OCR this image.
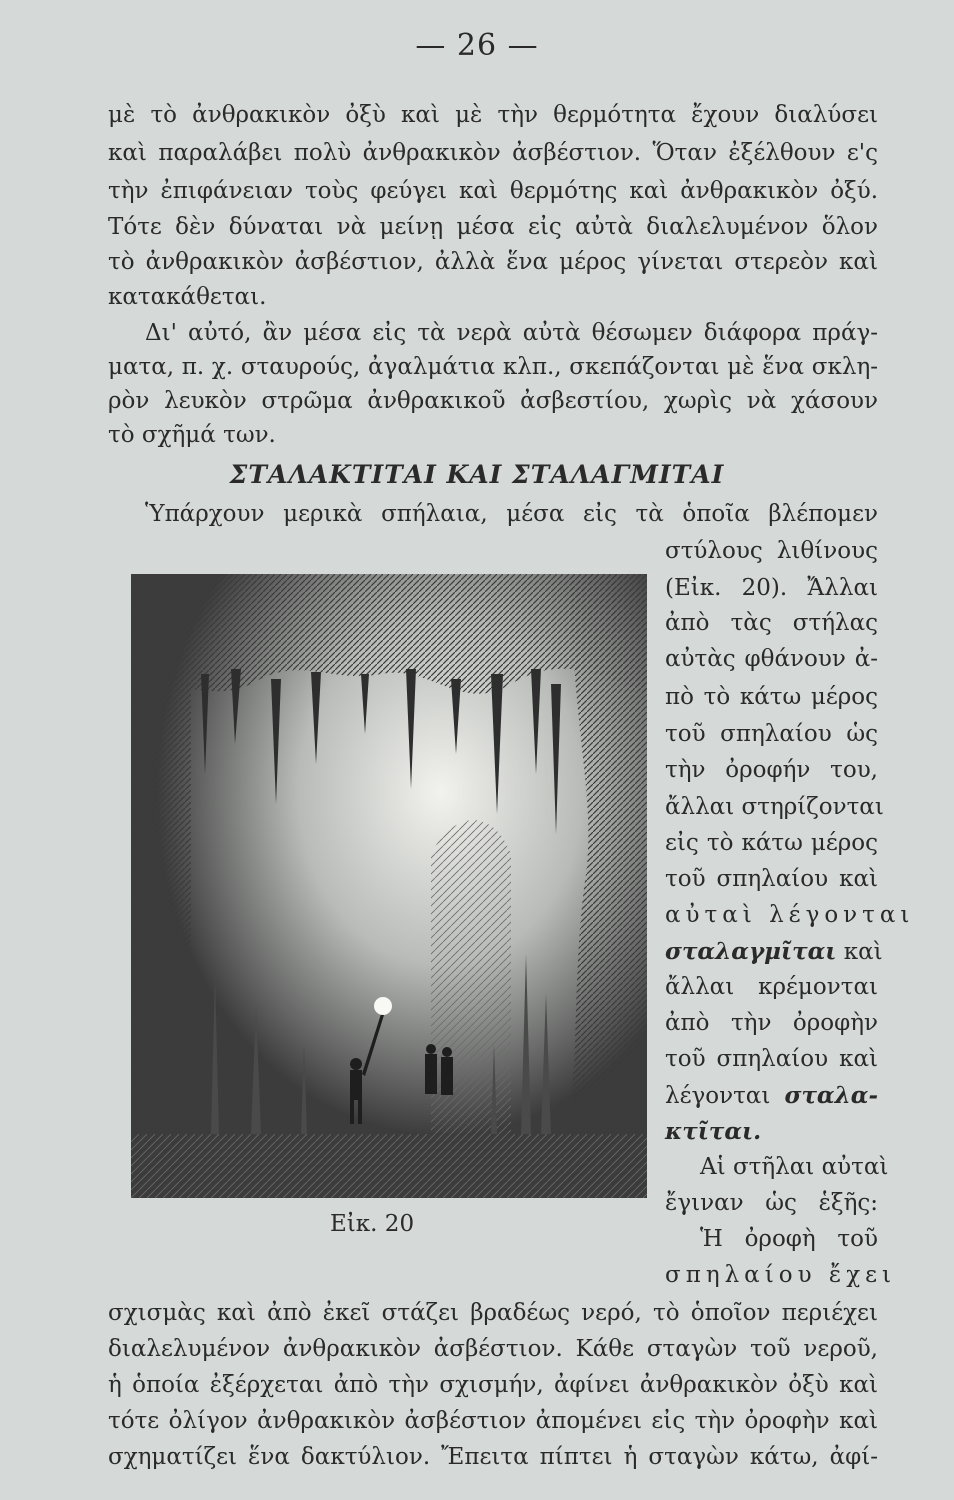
— 26 —
μὲ τὸ ἀνθρακικὸν ὀξὺ καὶ μὲ τὴν θερμότητα ἔχουν διαλύσει
καὶ παραλάβει πολὺ ἀνθρακικὸν ἀσβέστιον. Ὅταν ἐξέλθουν ε'ς
τὴν ἐπιφάνειαν τοὺς φεύγει καὶ θερμότης καὶ ἀνθρακικὸν ὀξύ.
Τότε δὲν δύναται νὰ μείνῃ μέσα εἰς αὐτὰ διαλελυμένον ὅλον
τὸ ἀνθρακικὸν ἀσβέστιον, ἀλλὰ ἕνα μέρος γίνεται στερεὸν καὶ
κατακάθεται.
Δι' αὐτό, ἂν μέσα εἰς τὰ νερὰ αὐτὰ θέσωμεν διάφορα πράγ-
ματα, π. χ. σταυρούς, ἀγαλμάτια κλπ., σκεπάζονται μὲ ἕνα σκλη-
ρὸν λευκὸν στρῶμα ἀνθρακικοῦ ἀσβεστίου, χωρὶς νὰ χάσουν
τὸ σχῆμά των.
ΣΤΑΛΑΚΤΙΤΑΙ ΚΑΙ ΣΤΑΛΑΓΜΙΤΑΙ
Ὑπάρχουν μερικὰ σπήλαια, μέσα εἰς τὰ ὁποῖα βλέπομεν
στύλους λιθίνους
(Εἰκ. 20). Ἄλλαι
ἀπὸ τὰς στήλας
αὐτὰς φθάνουν ἀ-
πὸ τὸ κάτω μέρος
τοῦ σπηλαίου ὡς
τὴν ὀροφήν του,
ἄλλαι στηρίζονται
εἰς τὸ κάτω μέρος
τοῦ σπηλαίου καὶ
αὐταὶ λέγονται
σταλαγμῖται καὶ
ἄλλαι κρέμονται
ἀπὸ τὴν ὀροφὴν
τοῦ σπηλαίου καὶ
λέγονται σταλα-
κτῖται.
Αἱ στῆλαι αὐταὶ
ἔγιναν ὡς ἑξῆς:
Ἡ ὀροφὴ τοῦ
σπηλαίου ἔχει
Εἰκ. 20
σχισμὰς καὶ ἀπὸ ἐκεῖ στάζει βραδέως νερό, τὸ ὁποῖον περιέχει
διαλελυμένον ἀνθρακικὸν ἀσβέστιον. Κάθε σταγὼν τοῦ νεροῦ,
ἡ ὁποία ἐξέρχεται ἀπὸ τὴν σχισμήν, ἀφίνει ἀνθρακικὸν ὀξὺ καὶ
τότε ὀλίγον ἀνθρακικὸν ἀσβέστιον ἀπομένει εἰς τὴν ὀροφὴν καὶ
σχηματίζει ἕνα δακτύλιον. Ἔπειτα πίπτει ἡ σταγὼν κάτω, ἀφί-
